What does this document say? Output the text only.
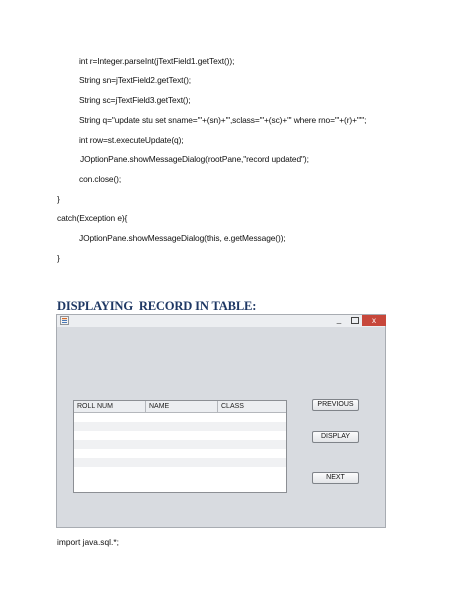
int r=Integer.parseInt(jTextField1.getText());
String sn=jTextField2.getText();
String sc=jTextField3.getText();
String q="update stu set sname='"+(sn)+"',sclass='"+(sc)+"' where rno='"+(r)+"'";
int row=st.executeUpdate(q);
JOptionPane.showMessageDialog(rootPane,"record updated");
con.close();
}
catch(Exception e){
JOptionPane.showMessageDialog(this, e.getMessage());
}
DISPLAYING  RECORD IN TABLE:
_	x
ROLL NUM	NAME	CLASS	PREVIOUS
DISPLAY
NEXT
import java.sql.*;
